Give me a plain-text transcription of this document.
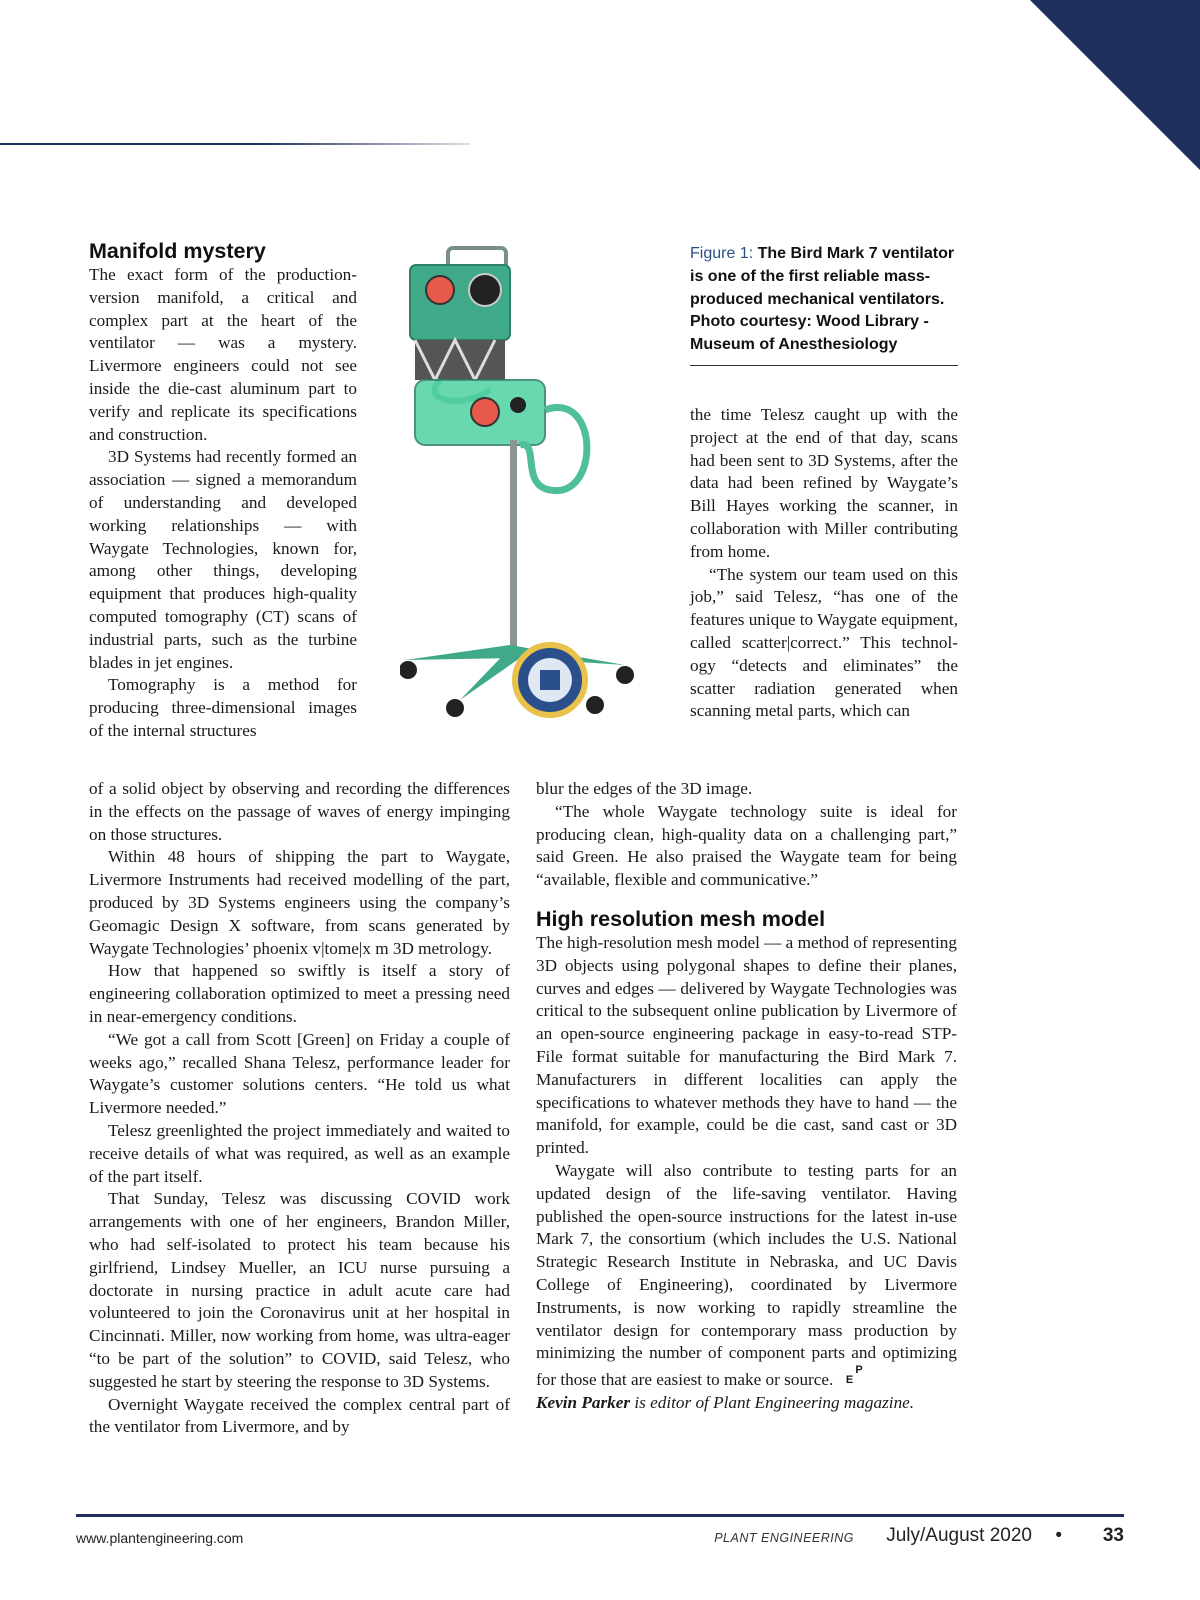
Manifold mystery

The exact form of the production-version manifold, a critical and complex part at the heart of the ventilator — was a mystery. Livermore engineers could not see inside the die-cast aluminum part to verify and replicate its specifications and construction.

3D Systems had recently formed an association — signed a memorandum of understanding and developed working relationships — with Waygate Technologies, known for, among other things, developing equipment that produces high-quality computed tomography (CT) scans of industrial parts, such as the turbine blades in jet engines.

Tomography is a method for producing three-dimensional images of the internal structures

Figure 1: The Bird Mark 7 ventilator is one of the first reliable mass-produced mechanical ventilators. Photo courtesy: Wood Library - Museum of Anesthesiology

the time Telesz caught up with the project at the end of that day, scans had been sent to 3D Systems, after the data had been refined by Waygate’s Bill Hayes working the scanner, in collaboration with Miller contributing from home.

“The system our team used on this job,” said Telesz, “has one of the features unique to Waygate equipment, called scatter|correct.” This technology “detects and eliminates” the scatter radiation generated when scanning metal parts, which can

of a solid object by observing and recording the differences in the effects on the passage of waves of energy impinging on those structures.

Within 48 hours of shipping the part to Waygate, Livermore Instruments had received modelling of the part, produced by 3D Systems engineers using the company’s Geomagic Design X software, from scans generated by Waygate Technologies’ phoenix v|tome|x m 3D metrology.

How that happened so swiftly is itself a story of engineering collaboration optimized to meet a pressing need in near-emergency conditions.

“We got a call from Scott [Green] on Friday a couple of weeks ago,” recalled Shana Telesz, performance leader for Waygate’s customer solutions centers. “He told us what Livermore needed.”

Telesz greenlighted the project immediately and waited to receive details of what was required, as well as an example of the part itself.

That Sunday, Telesz was discussing COVID work arrangements with one of her engineers, Brandon Miller, who had self-isolated to protect his team because his girlfriend, Lindsey Mueller, an ICU nurse pursuing a doctorate in nursing practice in adult acute care had volunteered to join the Coronavirus unit at her hospital in Cincinnati. Miller, now working from home, was ultra-eager “to be part of the solution” to COVID, said Telesz, who suggested he start by steering the response to 3D Systems.

Overnight Waygate received the complex central part of the ventilator from Livermore, and by

blur the edges of the 3D image.

“The whole Waygate technology suite is ideal for producing clean, high-quality data on a challenging part,” said Green. He also praised the Waygate team for being “available, flexible and communicative.”

High resolution mesh model

The high-resolution mesh model — a method of representing 3D objects using polygonal shapes to define their planes, curves and edges — delivered by Waygate Technologies was critical to the subsequent online publication by Livermore of an open-source engineering package in easy-to-read STP-File format suitable for manufacturing the Bird Mark 7. Manufacturers in different localities can apply the specifications to whatever methods they have to hand — the manifold, for example, could be die cast, sand cast or 3D printed.

Waygate will also contribute to testing parts for an updated design of the life-saving ventilator. Having published the open-source instructions for the latest in-use Mark 7, the consortium (which includes the U.S. National Strategic Research Institute in Nebraska, and UC Davis College of Engineering), coordinated by Livermore Instruments, is now working to rapidly streamline the ventilator design for contemporary mass production by minimizing the number of component parts and optimizing for those that are easiest to make or source. P
E

Kevin Parker is editor of Plant Engineering magazine.

www.plantengineering.com	PLANT ENGINEERING July/August 2020 • 33
